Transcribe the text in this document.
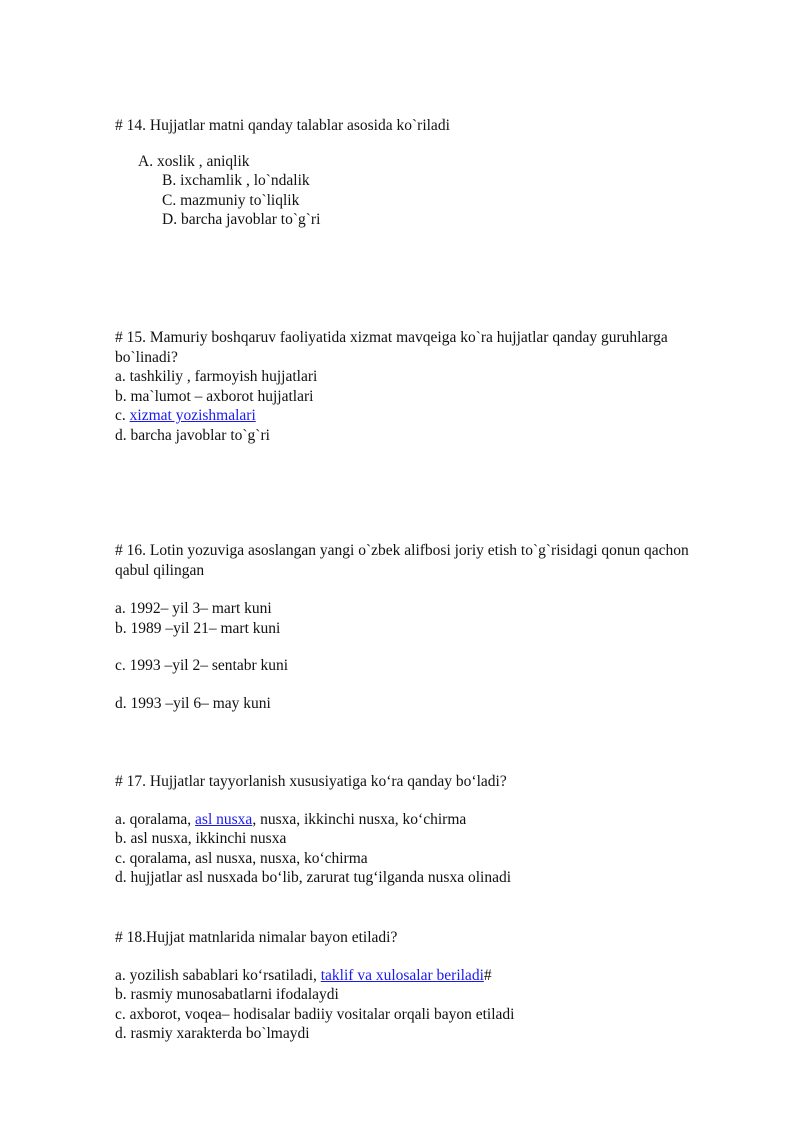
# 14. Hujjatlar matni qanday talablar asosida ko`riladi
A. xoslik , aniqlik
B. ixchamlik , lo`ndalik
C. mazmuniy to`liqlik
D. barcha javoblar to`g`ri
# 15. Mamuriy boshqaruv faoliyatida xizmat mavqeiga ko`ra hujjatlar qanday guruhlarga bo`linadi?
a. tashkiliy , farmoyish hujjatlari
b. ma`lumot – axborot hujjatlari
c. xizmat yozishmalari
d. barcha javoblar to`g`ri
# 16. Lotin yozuviga asoslangan yangi o`zbek alifbosi joriy etish to`g`risidagi qonun qachon qabul qilingan
a. 1992– yil 3– mart kuni
b. 1989 –yil 21– mart kuni
c. 1993 –yil 2– sentabr kuni
d. 1993 –yil 6– may kuni
# 17. Hujjatlar tayyorlanish xususiyatiga ko‘ra qanday bo‘ladi?
a. qoralama, asl nusxa, nusxa, ikkinchi nusxa, ko‘chirma
b. asl nusxa, ikkinchi nusxa
c. qoralama, asl nusxa, nusxa, ko‘chirma
d. hujjatlar asl nusxada bo‘lib, zarurat tug‘ilganda nusxa olinadi
# 18.Hujjat matnlarida nimalar bayon etiladi?
a. yozilish sabablari ko‘rsatiladi, taklif va xulosalar beriladi#
b. rasmiy munosabatlarni ifodalaydi
c. axborot, voqea– hodisalar badiiy vositalar orqali bayon etiladi
d. rasmiy xarakterda bo`lmaydi
